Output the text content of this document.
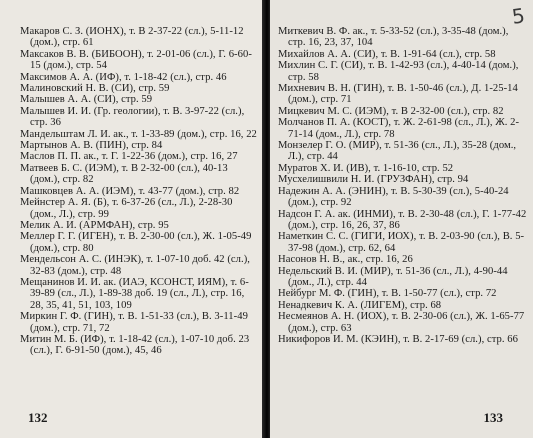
Макаров С. З. (ИОНХ), т. В 2-37-22 (сл.), 5-11-12 (дом.), стр. 61

Максаков В. В. (БИБООН), т. 2-01-06 (сл.), Г. 6-60-15 (дом.), стр. 54

Максимов А. А. (ИФ), т. 1-18-42 (сл.), стр. 46

Малиновский Н. В. (СИ), стр. 59

Малышев А. А. (СИ), стр. 59

Малышев И. И. (Гр. геологии), т. В. 3-97-22 (сл.), стр. 36

Мандельштам Л. И. ак., т. 1-33-89 (дом.), стр. 16, 22

Мартынов А. В. (ПИН), стр. 84

Маслов П. П. ак., т. Г. 1-22-36 (дом.), стр. 16, 27

Матвеев Б. С. (ИЭМ), т. В 2-32-00 (сл.), 40-13 (дом.), стр. 82

Машковцев А. А. (ИЭМ), т. 43-77 (дом.), стр. 82

Мейнстер А. Я. (Б), т. 6-37-26 (сл., Л.), 2-28-30 (дом., Л.), стр. 99

Мелик А. И. (АРМФАН), стр. 95

Меллер Г. Г. (ИГЕН), т. В. 2-30-00 (сл.), Ж. 1-05-49 (дом.), стр. 80

Мендельсон А. С. (ИНЭК), т. 1-07-10 доб. 42 (сл.), 32-83 (дом.), стр. 48

Мещанинов И. И. ак. (ИАЭ, КСОНСТ, ИЯМ), т. 6-39-89 (сл., Л.), 1-89-38 доб. 19 (сл., Л.), стр. 16, 28, 35, 41, 51, 103, 109

Миркин Г. Ф. (ГИН), т. В. 1-51-33 (сл.), В. 3-11-49 (дом.), стр. 71, 72

Митин М. Б. (ИФ), т. 1-18-42 (сл.), 1-07-10 доб. 23 (сл.), Г. 6-91-50 (дом.), 45, 46

132

Миткевич В. Ф. ак., т. 5-33-52 (сл.), 3-35-48 (дом.), стр. 16, 23, 37, 104

Михайлов А. А. (СИ), т. В. 1-91-64 (сл.), стр. 58

Михлин С. Г. (СИ), т. В. 1-42-93 (сл.), 4-40-14 (дом.), стр. 58

Михневич В. Н. (ГИН), т. В. 1-50-46 (сл.), Д. 1-25-14 (дом.), стр. 71

Мицкевич М. С. (ИЭМ), т. В 2-32-00 (сл.), стр. 82

Молчанов П. А. (КОСТ), т. Ж. 2-61-98 (сл., Л.), Ж. 2-71-14 (дом., Л.), стр. 78

Монзелер Г. О. (МИР), т. 51-36 (сл., Л.), 35-28 (дом., Л.), стр. 44

Муратов Х. И. (ИВ), т. 1-16-10, стр. 52

Мусхелишвили Н. И. (ГРУЗФАН), стр. 94

Надежин А. А. (ЭНИН), т. В. 5-30-39 (сл.), 5-40-24 (дом.), стр. 92

Надсон Г. А. ак. (ИНМИ), т. В. 2-30-48 (сл.), Г. 1-77-42 (дом.), стр. 16, 26, 37, 86

Наметкин С. С. (ГИГИ, ИОХ), т. В. 2-03-90 (сл.), В. 5-37-98 (дом.), стр. 62, 64

Насонов Н. В., ак., стр. 16, 26

Недельский В. И. (МИР), т. 51-36 (сл., Л.), 4-90-44 (дом., Л.), стр. 44

Нейбург М. Ф. (ГИН), т. В. 1-50-77 (сл.), стр. 72

Ненадкевич К. А. (ЛИГЕМ), стр. 68

Несмеянов А. Н. (ИОХ), т. В. 2-30-06 (сл.), Ж. 1-65-77 (дом.), стр. 63

Никифоров И. М. (КЭИН), т. В. 2-17-69 (сл.), стр. 66

133
5
